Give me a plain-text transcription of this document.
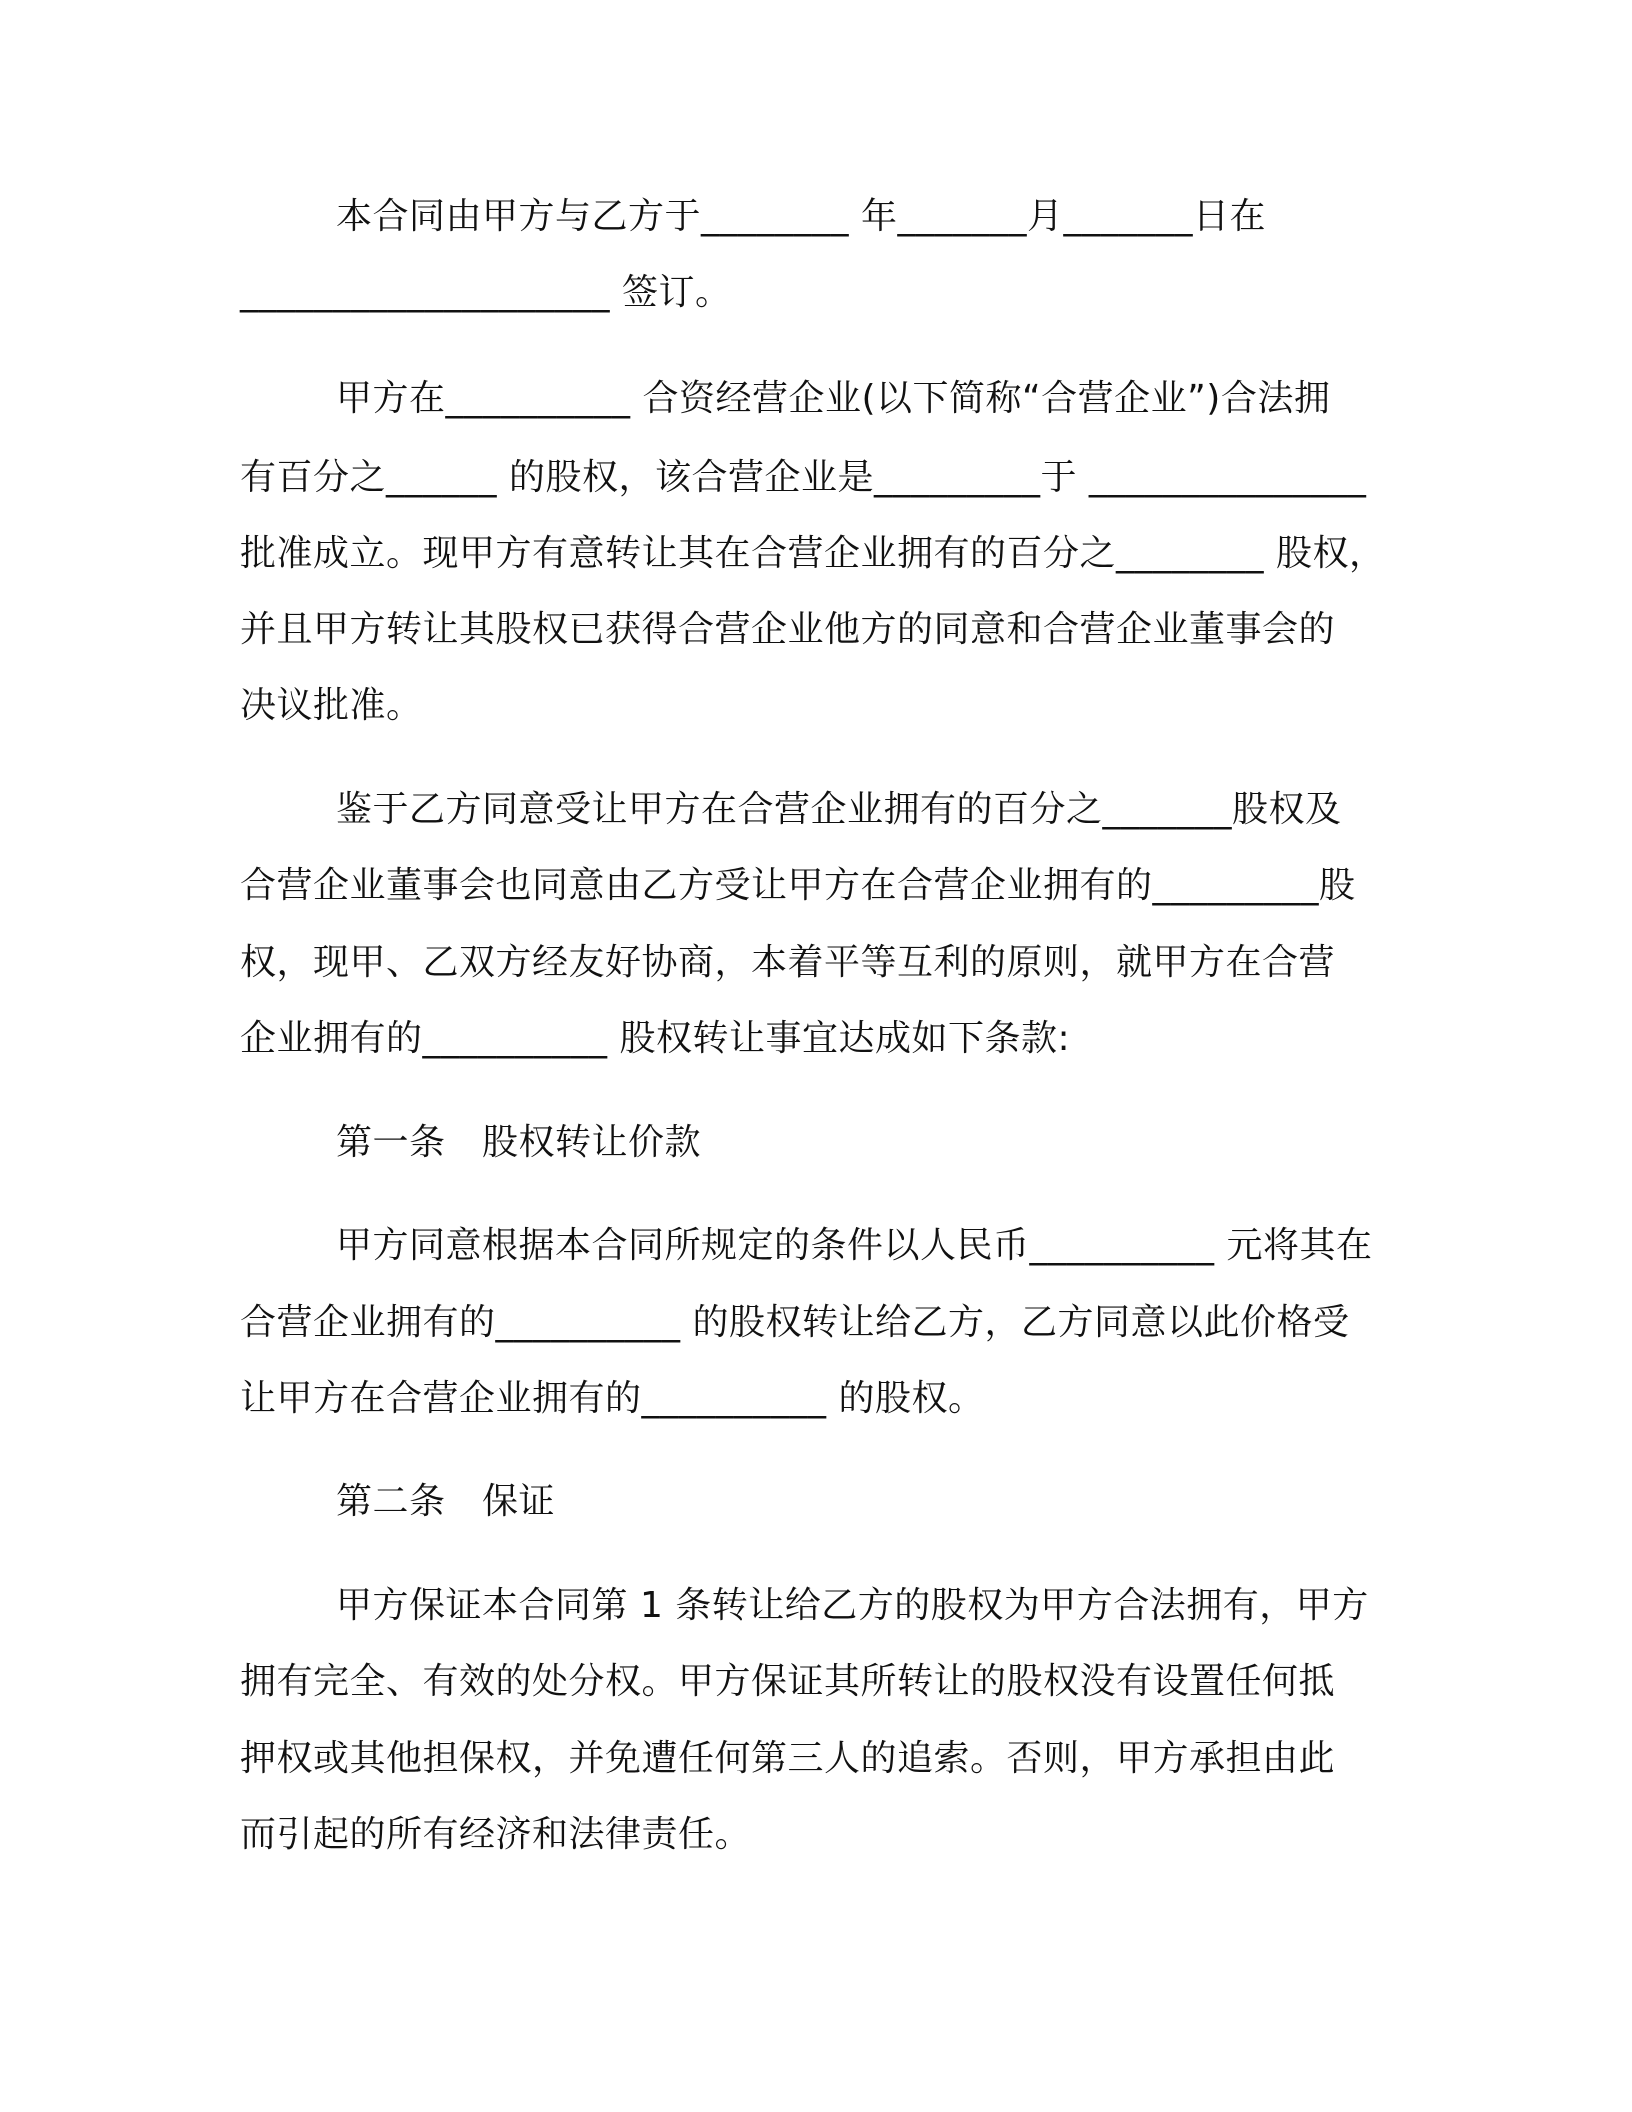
本合同由甲方与乙方于________ 年_______月_______日在
____________________ 签订。
甲方在__________ 合资经营企业(以下简称“合营企业”)合法拥
有百分之______ 的股权，该合营企业是_________于 _______________
批准成立。现甲方有意转让其在合营企业拥有的百分之________ 股权，
并且甲方转让其股权已获得合营企业他方的同意和合营企业董事会的
决议批准。
鉴于乙方同意受让甲方在合营企业拥有的百分之_______股权及
合营企业董事会也同意由乙方受让甲方在合营企业拥有的_________股
权，现甲、乙双方经友好协商，本着平等互利的原则，就甲方在合营
企业拥有的__________ 股权转让事宜达成如下条款:
第一条　股权转让价款
甲方同意根据本合同所规定的条件以人民币__________ 元将其在
合营企业拥有的__________ 的股权转让给乙方，乙方同意以此价格受
让甲方在合营企业拥有的__________ 的股权。
第二条　保证
甲方保证本合同第 1 条转让给乙方的股权为甲方合法拥有，甲方
拥有完全、有效的处分权。甲方保证其所转让的股权没有设置任何抵
押权或其他担保权，并免遭任何第三人的追索。否则，甲方承担由此
而引起的所有经济和法律责任。
